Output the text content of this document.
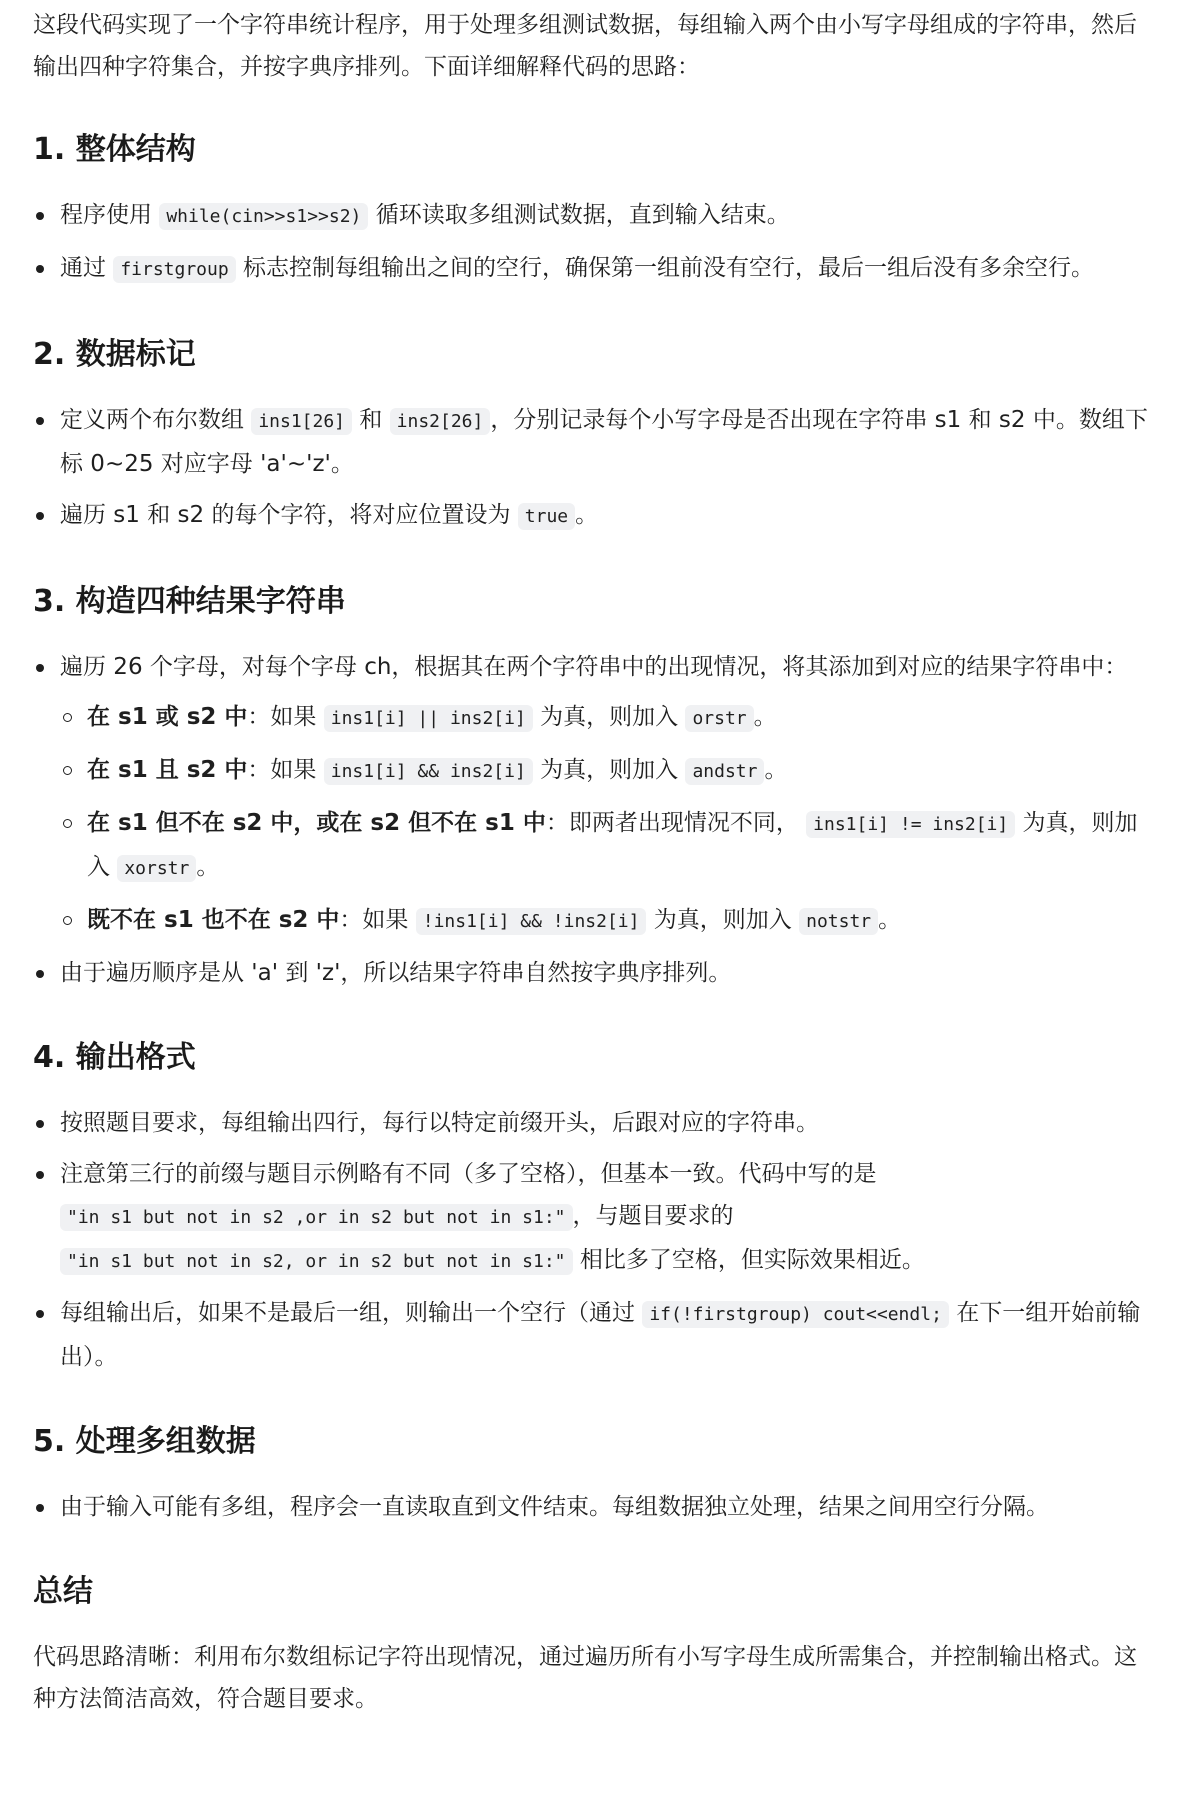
这段代码实现了一个字符串统计程序，用于处理多组测试数据，每组输入两个由小写字母组成的字符串，然后输出四种字符集合，并按字典序排列。下面详细解释代码的思路：

1. 整体结构
程序使用 while(cin>>s1>>s2) 循环读取多组测试数据，直到输入结束。
通过 firstgroup 标志控制每组输出之间的空行，确保第一组前没有空行，最后一组后没有多余空行。
2. 数据标记
定义两个布尔数组 ins1[26] 和 ins2[26] ，分别记录每个小写字母是否出现在字符串 s1 和 s2 中。数组下标 0~25 对应字母 'a'~'z'。
遍历 s1 和 s2 的每个字符，将对应位置设为 true 。
3. 构造四种结果字符串
遍历 26 个字母，对每个字母 ch，根据其在两个字符串中的出现情况，将其添加到对应的结果字符串中：
在 s1 或 s2 中：如果 ins1[i] || ins2[i] 为真，则加入 orstr 。
在 s1 且 s2 中：如果 ins1[i] && ins2[i] 为真，则加入 andstr 。
在 s1 但不在 s2 中，或在 s2 但不在 s1 中：即两者出现情况不同， ins1[i] != ins2[i] 为真，则加入 xorstr 。
既不在 s1 也不在 s2 中：如果 !ins1[i] && !ins2[i] 为真，则加入 notstr 。
由于遍历顺序是从 'a' 到 'z'，所以结果字符串自然按字典序排列。
4. 输出格式
按照题目要求，每组输出四行，每行以特定前缀开头，后跟对应的字符串。
注意第三行的前缀与题目示例略有不同（多了空格），但基本一致。代码中写的是
"in s1 but not in s2 ,or in s2 but not in s1:" ，与题目要求的
"in s1 but not in s2, or in s2 but not in s1:" 相比多了空格，但实际效果相近。
每组输出后，如果不是最后一组，则输出一个空行（通过 if(!firstgroup) cout<<endl; 在下一组开始前输出）。
5. 处理多组数据
由于输入可能有多组，程序会一直读取直到文件结束。每组数据独立处理，结果之间用空行分隔。
总结

代码思路清晰：利用布尔数组标记字符出现情况，通过遍历所有小写字母生成所需集合，并控制输出格式。这种方法简洁高效，符合题目要求。
